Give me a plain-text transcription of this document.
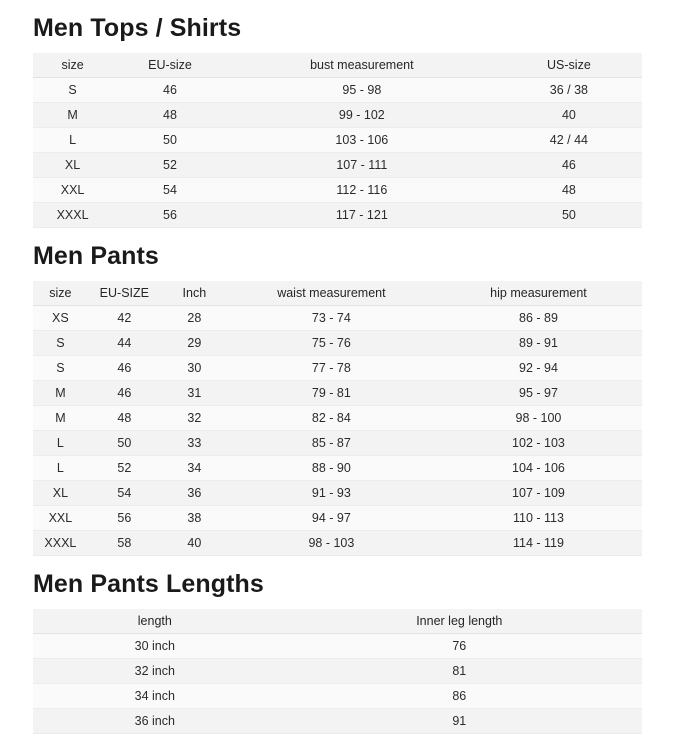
Men Tops / Shirts
size	EU-size	bust measurement	US-size
S	46	95 - 98	36 / 38
M	48	99 - 102	40
L	50	103 - 106	42 / 44
XL	52	107 - 111	46
XXL	54	112 - 116	48
XXXL	56	117 - 121	50
Men Pants
size	EU-SIZE	Inch	waist measurement	hip measurement
XS	42	28	73 - 74	86 - 89
S	44	29	75 - 76	89 - 91
S	46	30	77 - 78	92 - 94
M	46	31	79 - 81	95 - 97
M	48	32	82 - 84	98 - 100
L	50	33	85 - 87	102 - 103
L	52	34	88 - 90	104 - 106
XL	54	36	91 - 93	107 - 109
XXL	56	38	94 - 97	110 - 113
XXXL	58	40	98 - 103	114 - 119
Men Pants Lengths
length	Inner leg length
30 inch	76
32 inch	81
34 inch	86
36 inch	91
